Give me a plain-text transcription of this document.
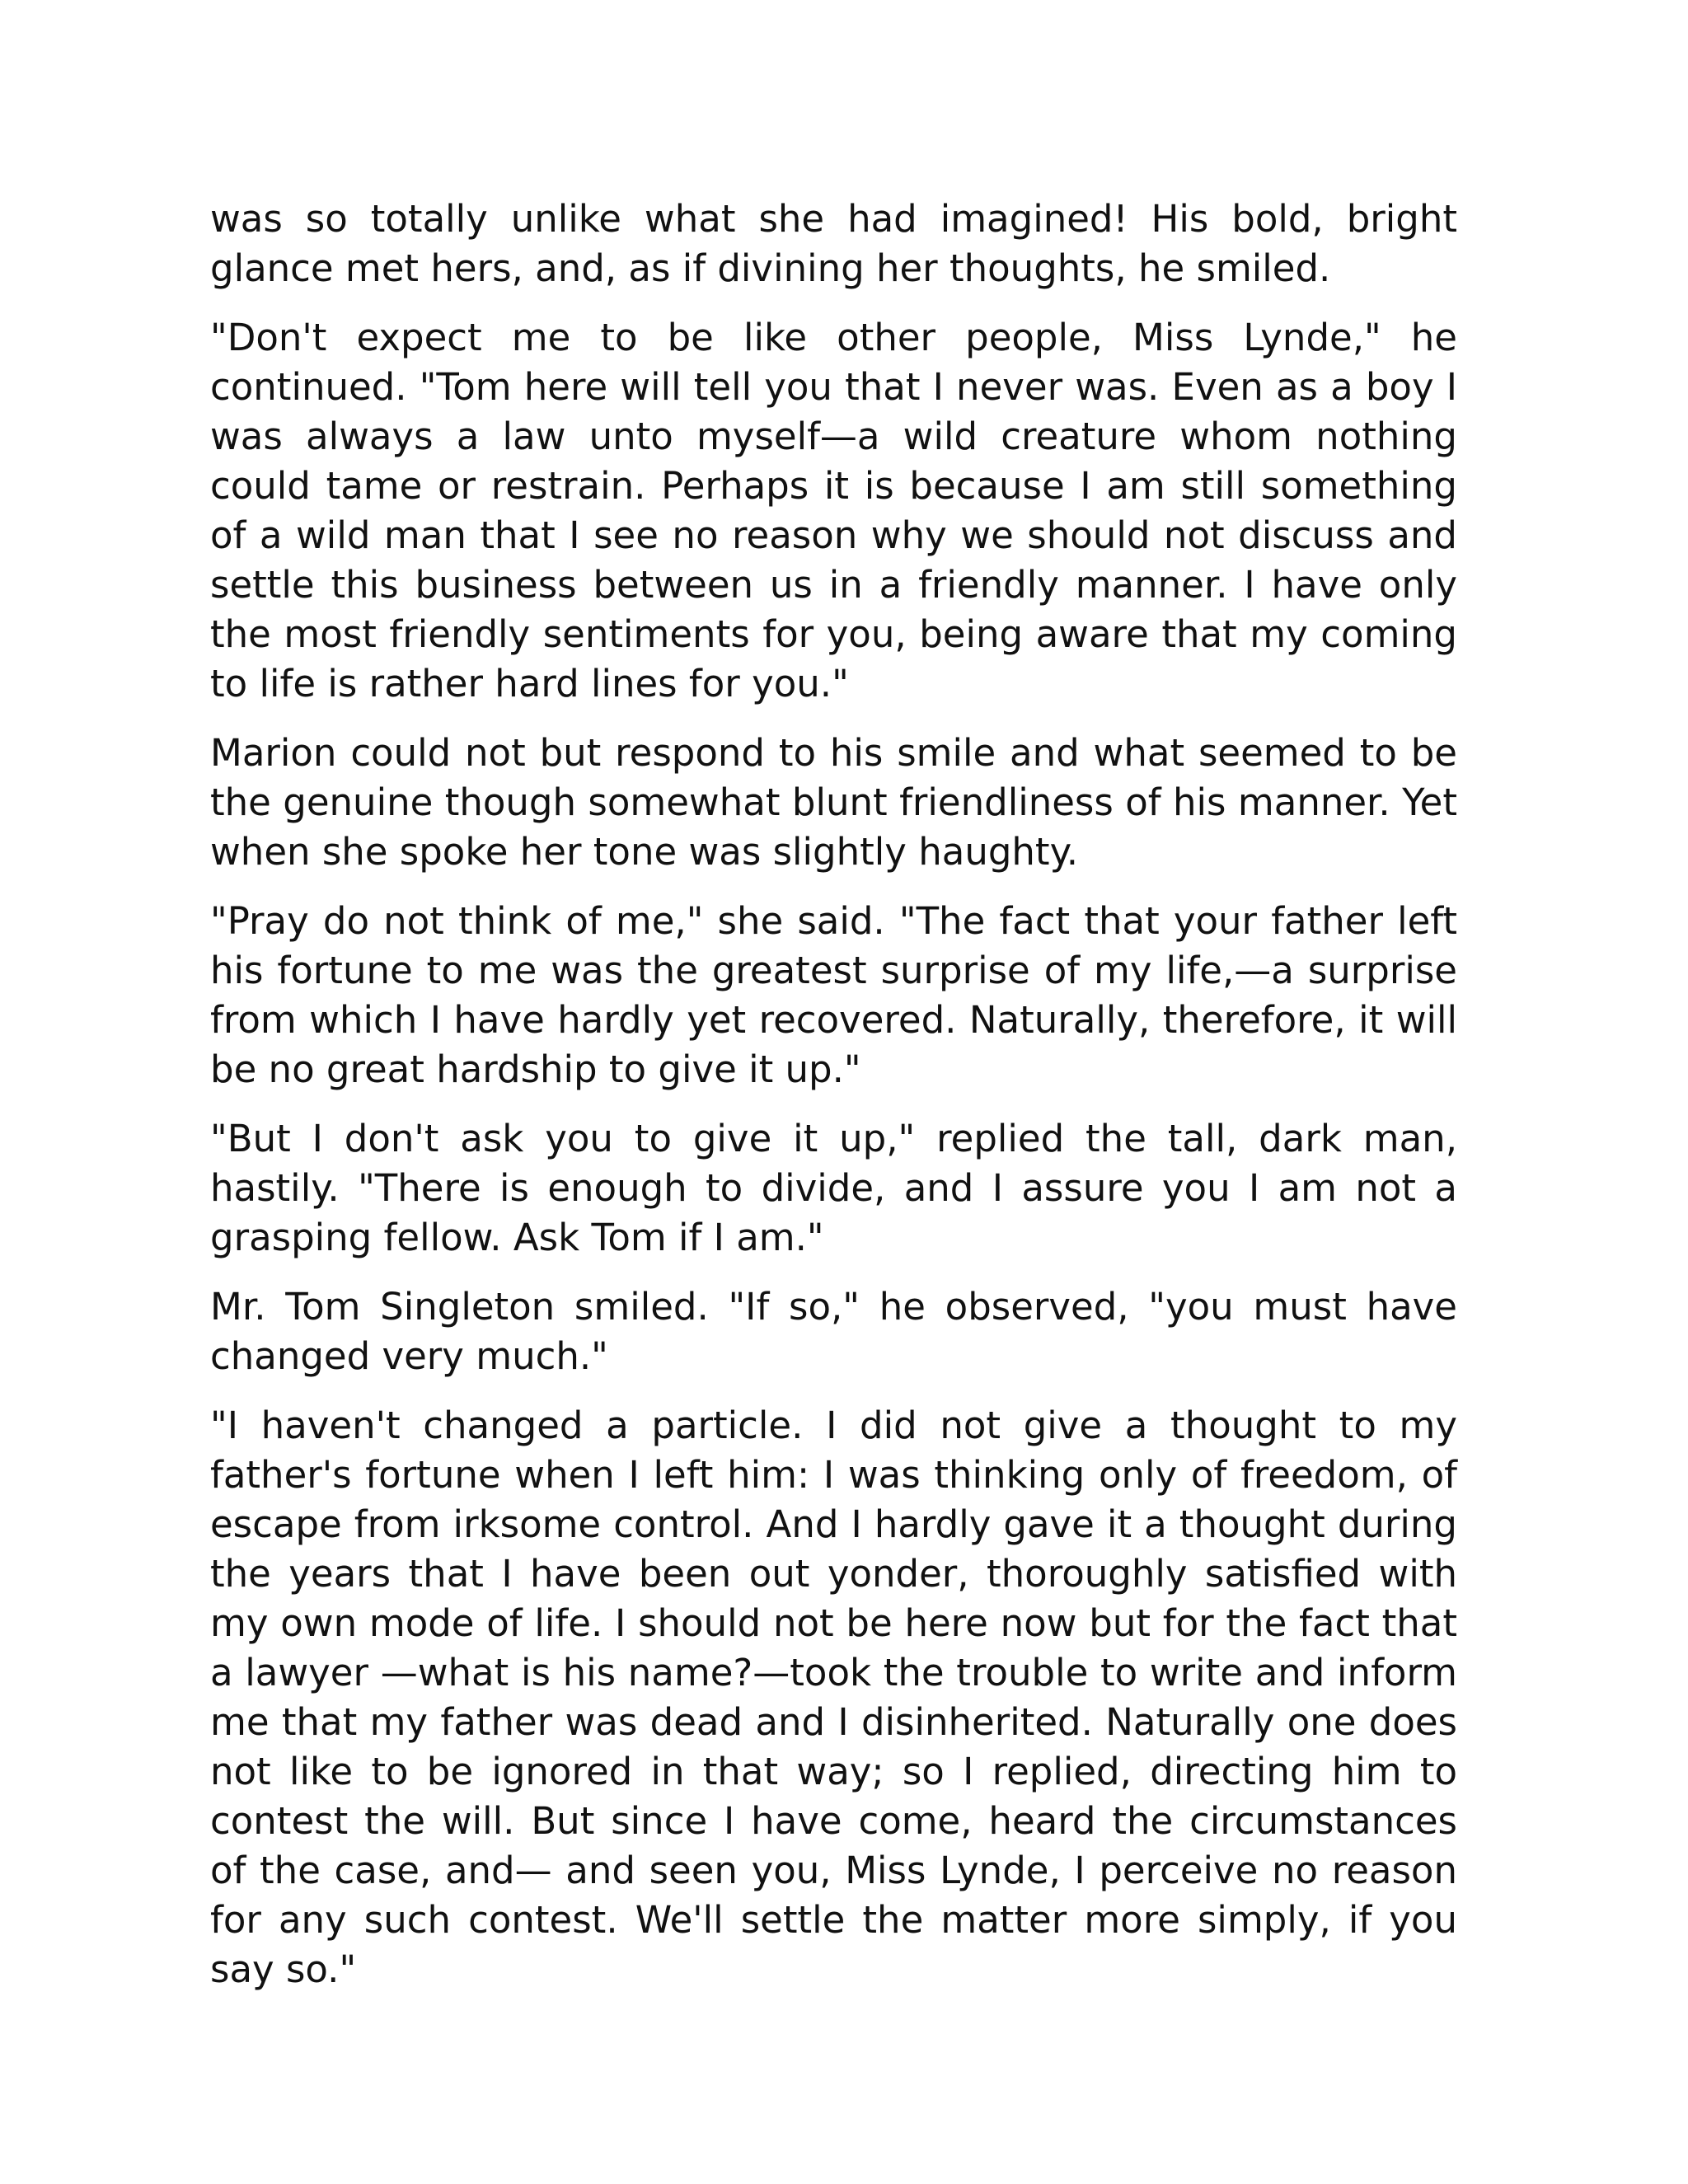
was so totally unlike what she had imagined! His bold, bright glance met hers, and, as if divining her thoughts, he smiled.

"Don't expect me to be like other people, Miss Lynde," he continued. "Tom here will tell you that I never was. Even as a boy I was always a law unto myself—a wild creature whom nothing could tame or restrain. Perhaps it is because I am still something of a wild man that I see no reason why we should not discuss and settle this business between us in a friendly manner. I have only the most friendly sentiments for you, being aware that my coming to life is rather hard lines for you."

Marion could not but respond to his smile and what seemed to be the genuine though somewhat blunt friendliness of his manner. Yet when she spoke her tone was slightly haughty.

"Pray do not think of me," she said. "The fact that your father left his fortune to me was the greatest surprise of my life,—a surprise from which I have hardly yet recovered. Naturally, therefore, it will be no great hardship to give it up."

"But I don't ask you to give it up," replied the tall, dark man, hastily. "There is enough to divide, and I assure you I am not a grasping fellow. Ask Tom if I am."

Mr. Tom Singleton smiled. "If so," he observed, "you must have changed very much."

"I haven't changed a particle. I did not give a thought to my father's fortune when I left him: I was thinking only of freedom, of escape from irksome control. And I hardly gave it a thought during the years that I have been out yonder, thoroughly satisfied with my own mode of life. I should not be here now but for the fact that a lawyer —what is his name?—took the trouble to write and inform me that my father was dead and I disinherited. Naturally one does not like to be ignored in that way; so I replied, directing him to contest the will. But since I have come, heard the circumstances of the case, and— and seen you, Miss Lynde, I perceive no reason for any such contest. We'll settle the matter more simply, if you say so."
